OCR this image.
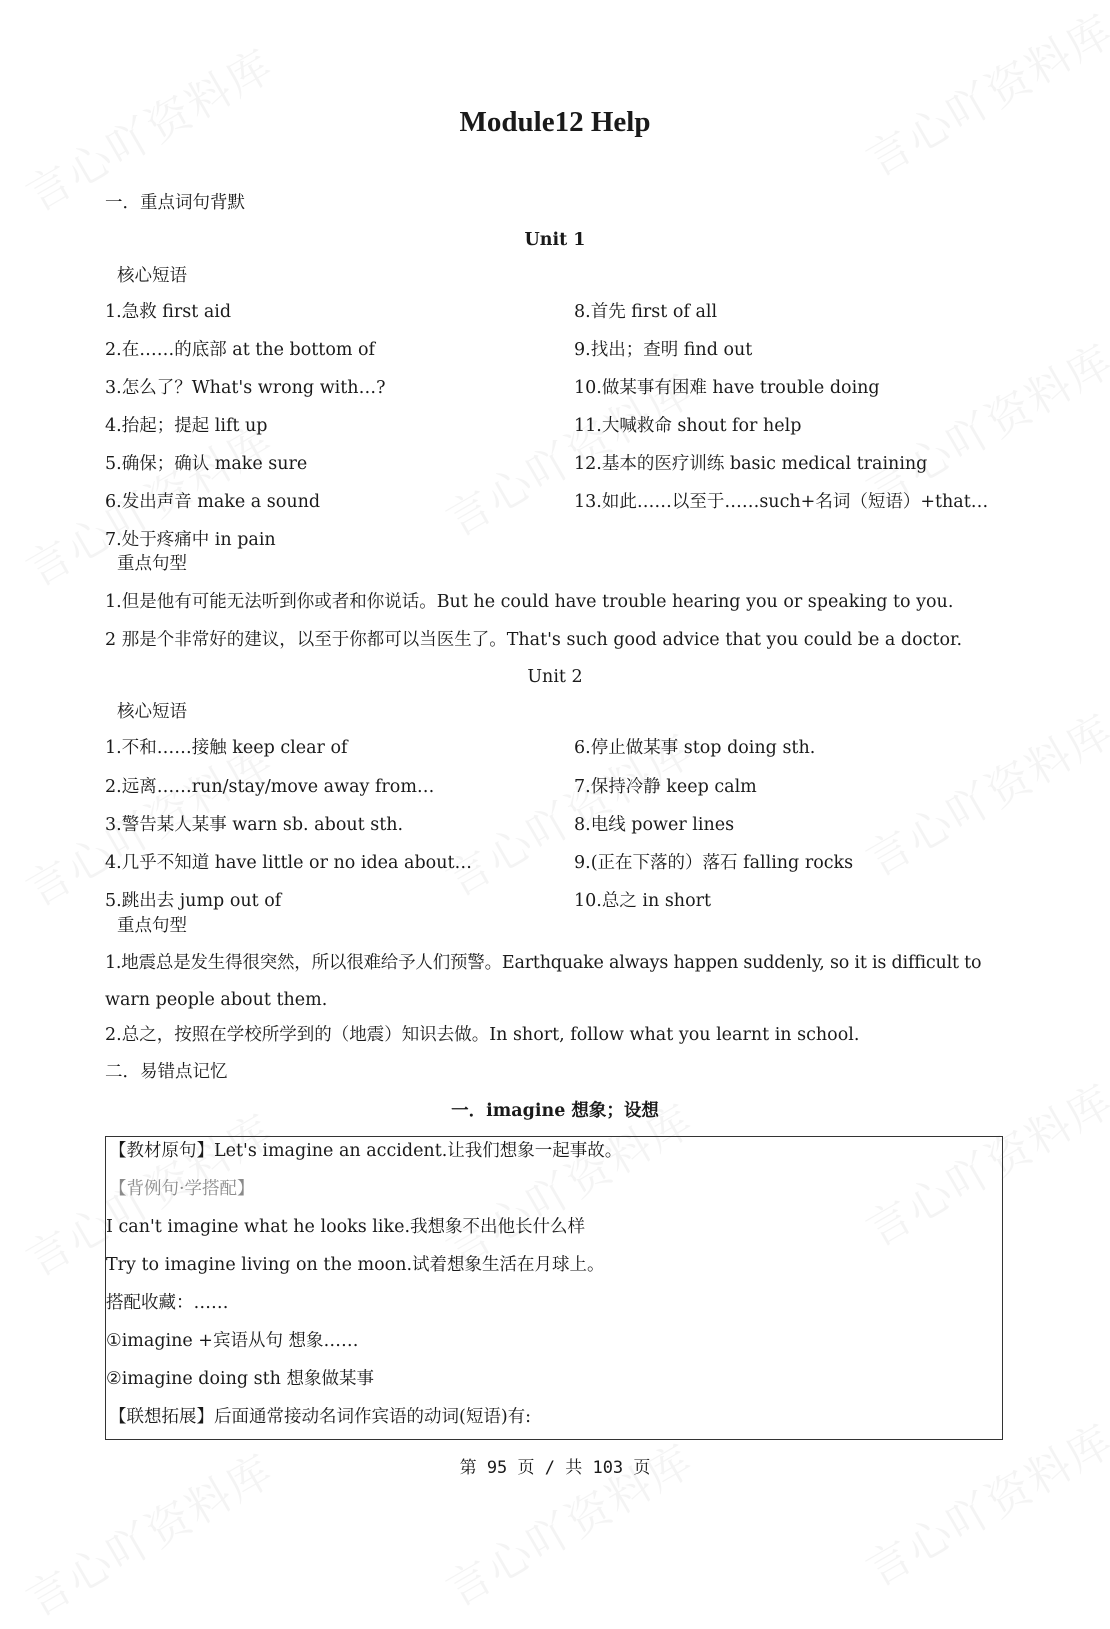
Module12 Help
一．重点词句背默
Unit 1
核心短语
1.急救 first aid
2.在……的底部 at the bottom of
3.怎么了？What's wrong with…?
4.抬起；提起 lift up
5.确保；确认 make sure
6.发出声音 make a sound
7.处于疼痛中 in pain
8.首先 first of all
9.找出；查明 find out
10.做某事有困难 have trouble doing
11.大喊救命 shout for help
12.基本的医疗训练 basic medical training
13.如此……以至于……such+名词（短语）+that…
重点句型
1.但是他有可能无法听到你或者和你说话。But he could have trouble hearing you or speaking to you.
2 那是个非常好的建议，以至于你都可以当医生了。That's such good advice that you could be a doctor.
Unit 2
核心短语
1.不和……接触 keep clear of
2.远离……run/stay/move away from…
3.警告某人某事 warn sb. about sth.
4.几乎不知道 have little or no idea about…
5.跳出去 jump out of
6.停止做某事 stop doing sth.
7.保持冷静 keep calm
8.电线 power lines
9.(正在下落的）落石 falling rocks
10.总之 in short
重点句型
1.地震总是发生得很突然，所以很难给予人们预警。Earthquake always happen suddenly, so it is difficult to
warn people about them.
2.总之，按照在学校所学到的（地震）知识去做。In short, follow what you learnt in school.
二．易错点记忆
一．imagine 想象；设想
【教材原句】Let's imagine an accident.让我们想象一起事故。
【背例句·学搭配】
I can't imagine what he looks like.我想象不出他长什么样
Try to imagine living on the moon.试着想象生活在月球上。
搭配收藏：……
①imagine +宾语从句 想象……
②imagine doing sth 想象做某事
【联想拓展】后面通常接动名词作宾语的动词(短语)有:
第 95 页 / 共 103 页
